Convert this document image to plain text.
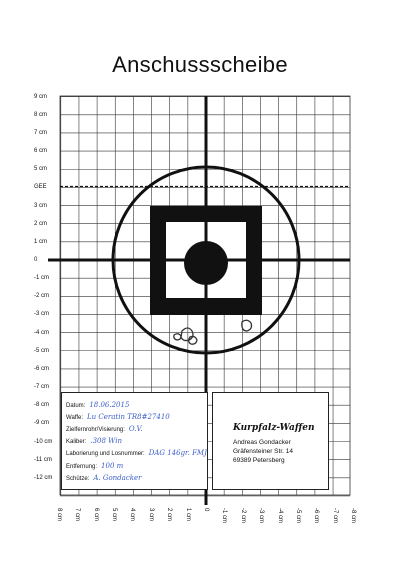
Anschussscheibe
9 cm
8 cm
7 cm
6 cm
5 cm
GEE
3 cm
2 cm
1 cm
0
-1 cm
-2 cm
-3 cm
-4 cm
-5 cm
-6 cm
-7 cm
-8 cm
-9 cm
-10 cm
-11 cm
-12 cm
8 cm 7 cm 6 cm 5 cm 4 cm 3 cm 2 cm 1 cm 0 -1 cm -2 cm -3 cm -4 cm -5 cm -6 cm -7 cm -8 cm
Datum: 18.06.2015
Waffe: Lu Ceratin TR8#27410
Zielfernrohr/Visierung: O.V.
Kaliber: .308 Win
Laborierung und Losnummer: DAG 146gr. FMJ
Entfernung: 100 m
Schütze: A. Gondacker
Kurpfalz-Waffen
Andreas Gondacker
Gräfensteiner Str. 14
69389 Petersberg
